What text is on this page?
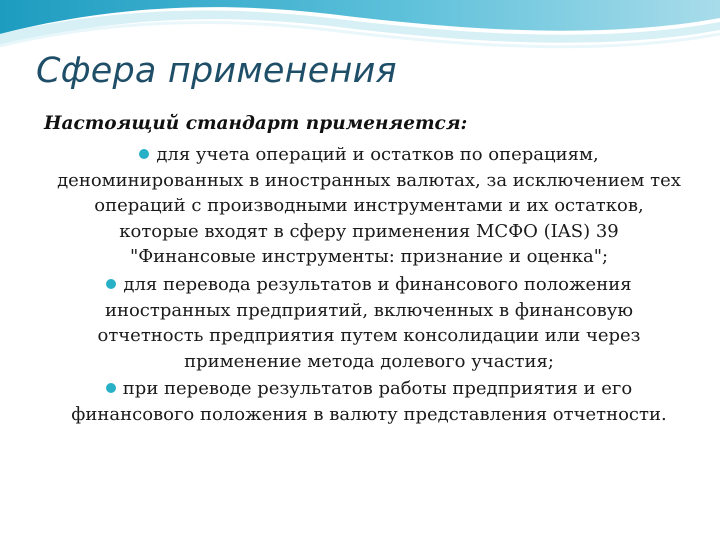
Сфера применения

Настоящий стандарт применяется:

для учета операций и остатков по операциям, деноминированных в иностранных валютах, за исключением тех операций с производными инструментами и их остатков, которые входят в сферу применения МСФО (IAS) 39 "Финансовые инструменты: признание и оценка";
для перевода результатов и финансового положения иностранных предприятий, включенных в финансовую отчетность предприятия путем консолидации или через применение метода долевого участия;
при переводе результатов работы предприятия и его финансового положения в валюту представления отчетности.
